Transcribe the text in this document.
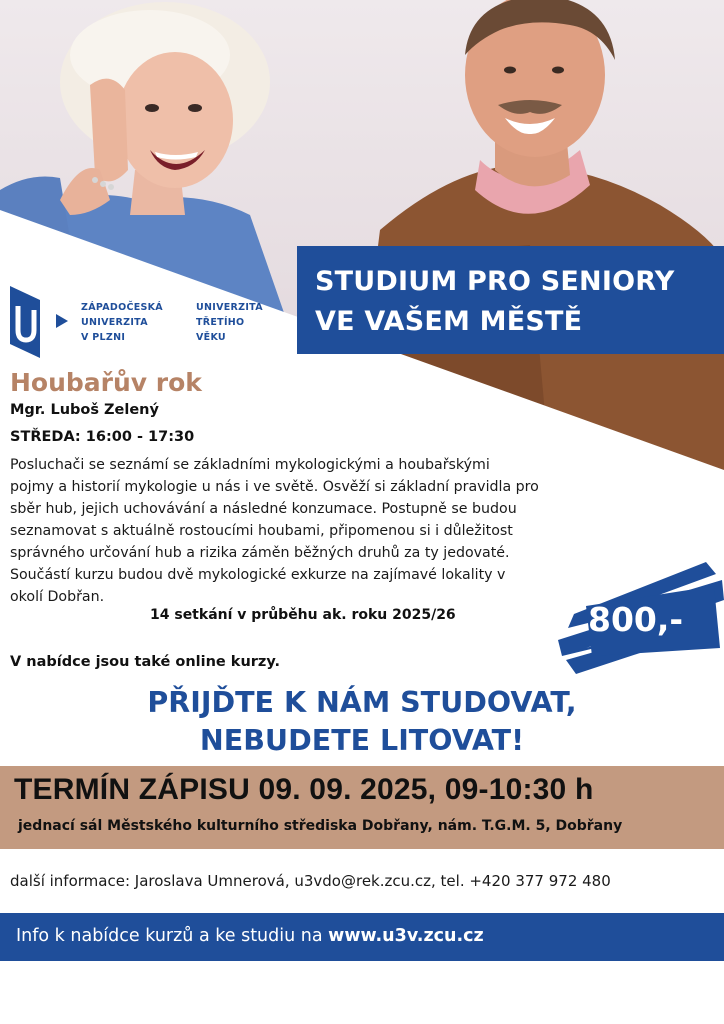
STUDIUM PRO SENIORY
VE VAŠEM MĚSTĚ
ZÁPADOČESKÁ
UNIVERZITA
V PLZNI
UNIVERZITA
TŘETÍHO
VĚKU
Houbařův rok
Mgr. Luboš Zelený
STŘEDA: 16:00 - 17:30
Posluchači se seznámí se základními mykologickými a houbařskými
pojmy a historií mykologie u nás i ve světě. Osvěží si základní pravidla pro
sběr hub, jejich uchovávání a následné konzumace. Postupně se budou
seznamovat s aktuálně rostoucími houbami, připomenou si i důležitost
správného určování hub a rizika záměn běžných druhů za ty jedovaté.
Součástí kurzu budou dvě mykologické exkurze na zajímavé lokality v
okolí Dobřan.
14 setkání v průběhu ak. roku 2025/26	800,-
V nabídce jsou také online kurzy.
PŘIJĎTE K NÁM STUDOVAT,
NEBUDETE LITOVAT!
TERMÍN ZÁPISU 09. 09. 2025, 09-10:30 h
jednací sál Městského kulturního střediska Dobřany, nám. T.G.M. 5, Dobřany
další informace: Jaroslava Umnerová, u3vdo@rek.zcu.cz, tel. +420 377 972 480
Info k nabídce kurzů a ke studiu na www.u3v.zcu.cz
